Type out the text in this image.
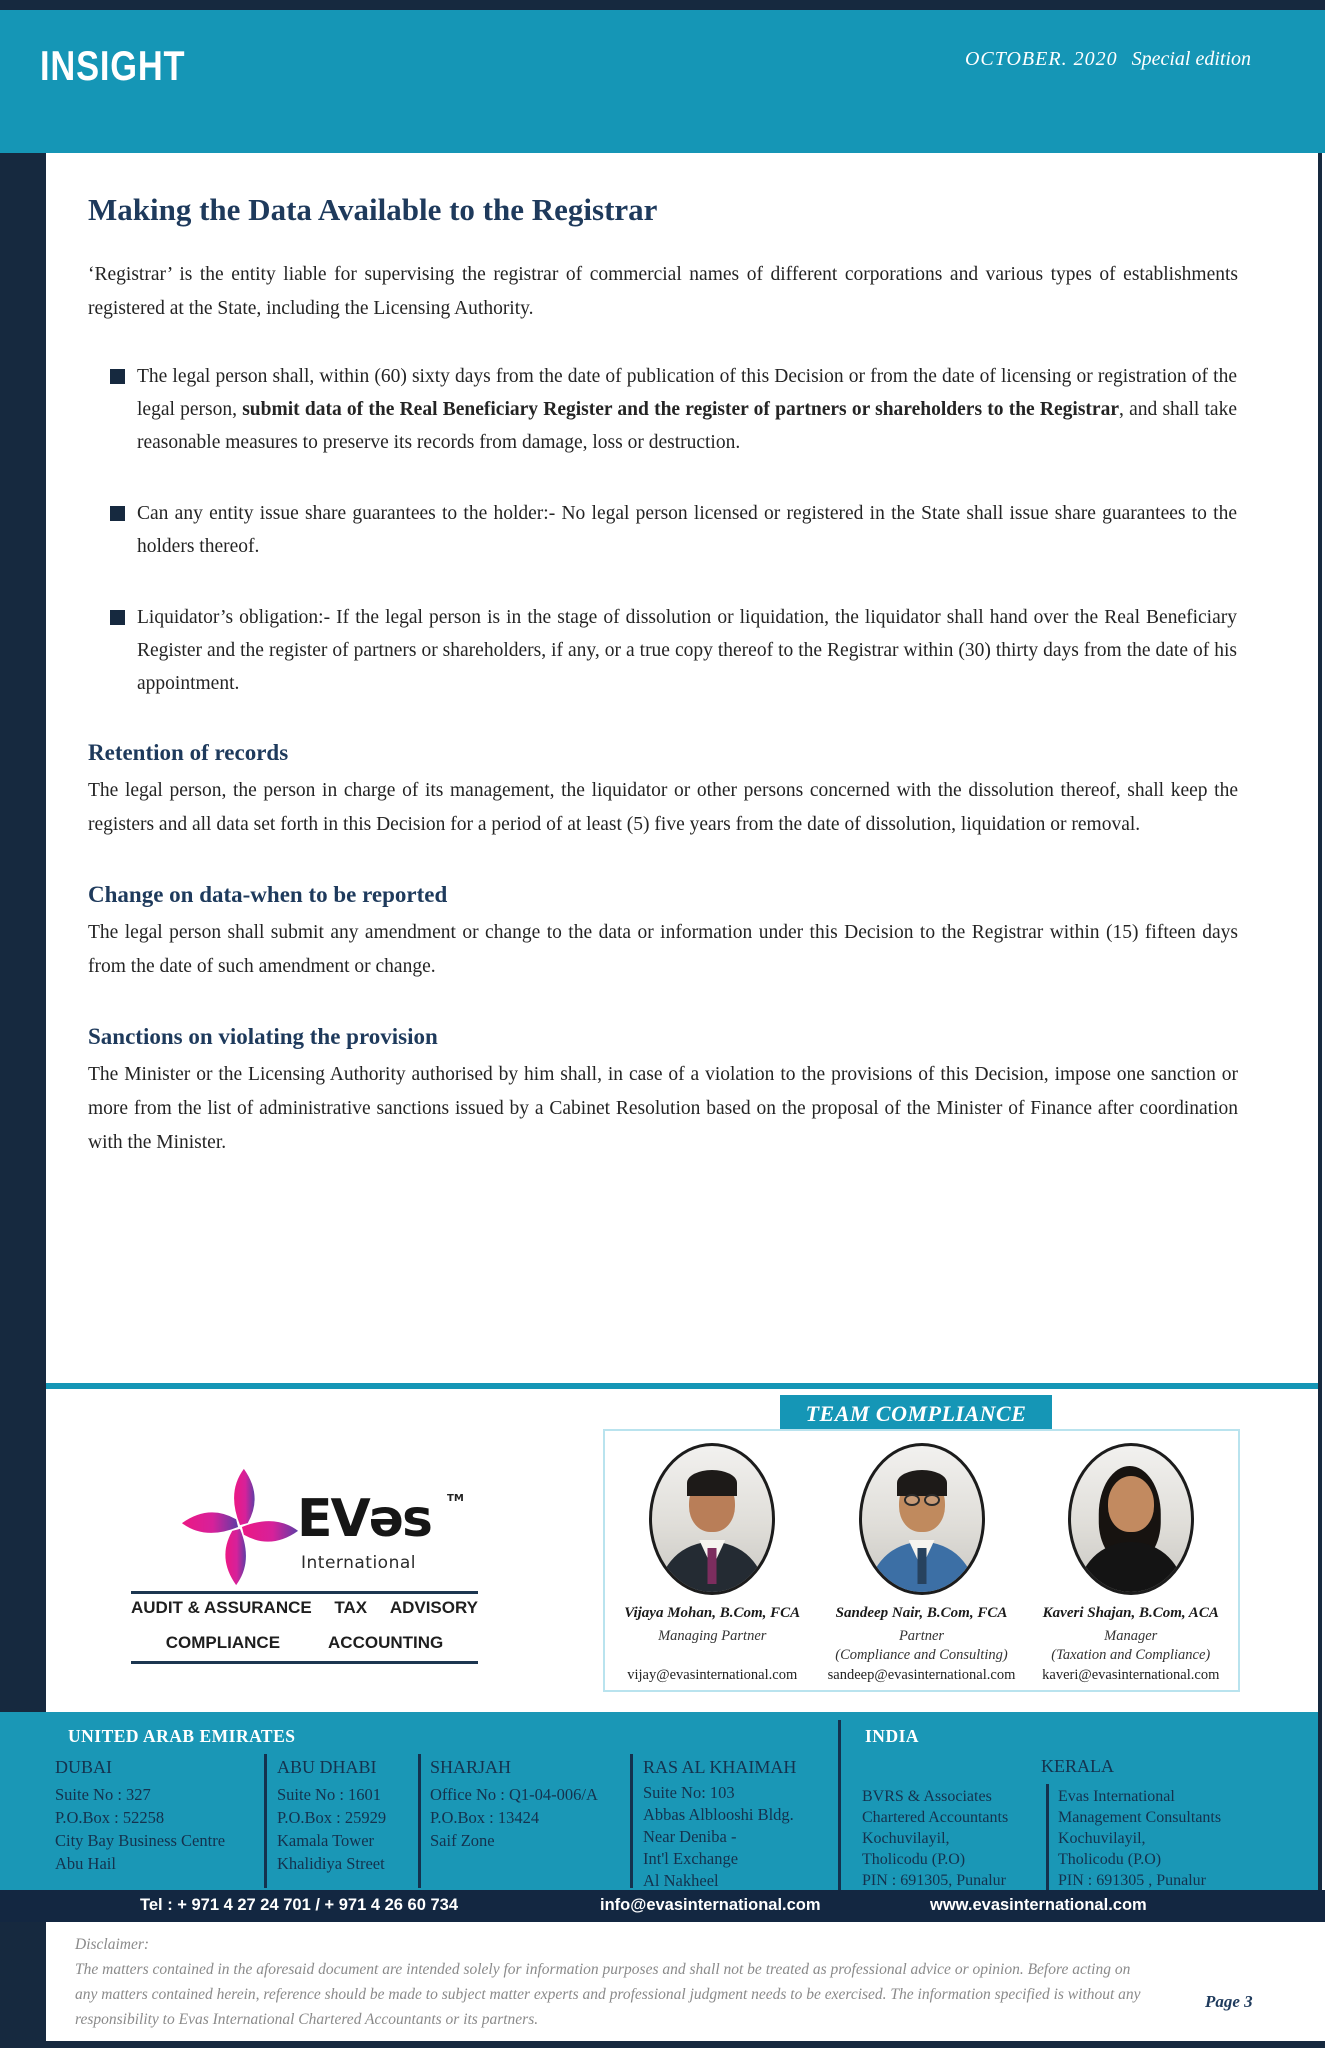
INSIGHT	OCTOBER. 2020 Special edition
Making the Data Available to the Registrar

‘Registrar’ is the entity liable for supervising the registrar of commercial names of different corporations and various types of establishments registered at the State, including the Licensing Authority.

The legal person shall, within (60) sixty days from the date of publication of this Decision or from the date of licensing or registration of the legal person, submit data of the Real Beneficiary Register and the register of partners or shareholders to the Registrar, and shall take reasonable measures to preserve its records from damage, loss or destruction.
Can any entity issue share guarantees to the holder:- No legal person licensed or registered in the State shall issue share guarantees to the holders thereof.
Liquidator’s obligation:- If the legal person is in the stage of dissolution or liquidation, the liquidator shall hand over the Real Beneficiary Register and the register of partners or shareholders, if any, or a true copy thereof to the Registrar within (30) thirty days from the date of his appointment.
Retention of records

The legal person, the person in charge of its management, the liquidator or other persons concerned with the dissolution thereof, shall keep the registers and all data set forth in this Decision for a period of at least (5) five years from the date of dissolution, liquidation or removal.

Change on data-when to be reported

The legal person shall submit any amendment or change to the data or information under this Decision to the Registrar within (15) fifteen days from the date of such amendment or change.

Sanctions on violating the provision

The Minister or the Licensing Authority authorised by him shall, in case of a violation to the provisions of this Decision, impose one sanction or more from the list of administrative sanctions issued by a Cabinet Resolution based on the proposal of the Minister of Finance after coordination with the Minister.

TEAM COMPLIANCE
Vijaya Mohan, B.Com, FCA
Managing Partner
vijay@evasinternational.com
Sandeep Nair, B.Com, FCA
Partner
(Compliance and Consulting)
sandeep@evasinternational.com
Kaveri Shajan, B.Com, ACA
Manager
(Taxation and Compliance)
kaveri@evasinternational.com
EVəs TM
International
AUDIT & ASSURANCE TAX ADVISORY
COMPLIANCE	ACCOUNTING
UNITED ARAB EMIRATES
DUBAI
Suite No : 327
P.O.Box : 52258
City Bay Business Centre
Abu Hail
ABU DHABI
Suite No : 1601
P.O.Box : 25929
Kamala Tower
Khalidiya Street
SHARJAH
Office No : Q1-04-006/A
P.O.Box : 13424
Saif Zone
RAS AL KHAIMAH
Suite No: 103
Abbas Alblooshi Bldg.
Near Deniba -
Int'l Exchange
Al Nakheel
INDIA
KERALA
BVRS & Associates
Chartered Accountants
Kochuvilayil,
Tholicodu (P.O)
PIN : 691305, Punalur
Evas International
Management Consultants
Kochuvilayil,
Tholicodu (P.O)
PIN : 691305 , Punalur
Tel : + 971 4 27 24 701 / + 971 4 26 60 734	info@evasinternational.com	www.evasinternational.com
Disclaimer:
The matters contained in the aforesaid document are intended solely for information purposes and shall not be treated as professional advice or opinion. Before acting on any matters contained herein, reference should be made to subject matter experts and professional judgment needs to be exercised. The information specified is without any responsibility to Evas International Chartered Accountants or its partners.
Page 3
